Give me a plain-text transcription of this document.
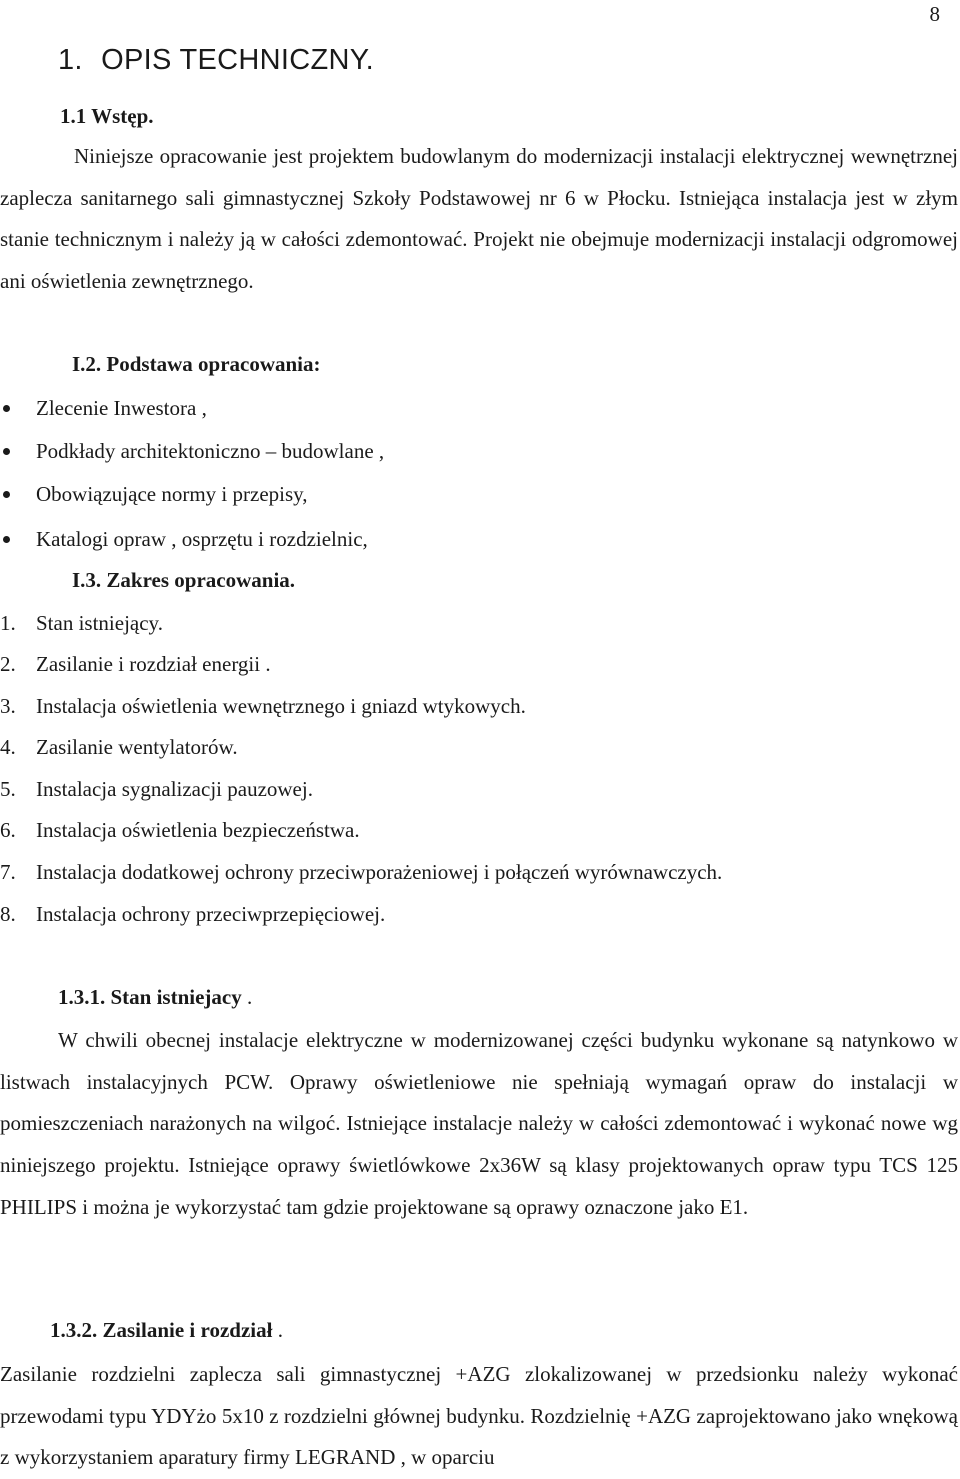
8
1. OPIS TECHNICZNY.
1.1 Wstęp.
Niniejsze opracowanie jest projektem budowlanym do modernizacji instalacji elektrycznej wewnętrznej zaplecza sanitarnego sali gimnastycznej Szkoły Podstawowej nr 6 w Płocku. Istniejąca instalacja jest w złym stanie technicznym i należy ją w całości zdemontować. Projekt nie obejmuje modernizacji instalacji odgromowej ani oświetlenia zewnętrznego.
I.2. Podstawa opracowania:
Zlecenie Inwestora ,
Podkłady architektoniczno – budowlane ,
Obowiązujące normy i przepisy,
Katalogi opraw , osprzętu i rozdzielnic,
I.3. Zakres opracowania.
1. Stan istniejący.
2. Zasilanie i rozdział energii .
3. Instalacja oświetlenia wewnętrznego i gniazd wtykowych.
4. Zasilanie wentylatorów.
5. Instalacja sygnalizacji pauzowej.
6. Instalacja oświetlenia bezpieczeństwa.
7. Instalacja dodatkowej ochrony przeciwporażeniowej i połączeń wyrównawczych.
8. Instalacja ochrony przeciwprzepięciowej.
1.3.1. Stan istniejacy .
W chwili obecnej instalacje elektryczne w modernizowanej części budynku wykonane są natynkowo w listwach instalacyjnych PCW. Oprawy oświetleniowe nie spełniają wymagań opraw do instalacji w pomieszczeniach narażonych na wilgoć. Istniejące instalacje należy w całości zdemontować i wykonać nowe wg niniejszego projektu. Istniejące oprawy świetlówkowe 2x36W są klasy projektowanych opraw typu TCS 125 PHILIPS i można je wykorzystać tam gdzie projektowane są oprawy oznaczone jako E1.
1.3.2. Zasilanie i rozdział .
Zasilanie rozdzielni zaplecza sali gimnastycznej +AZG zlokalizowanej w przedsionku należy wykonać przewodami typu YDYżo 5x10 z rozdzielni głównej budynku. Rozdzielnię +AZG zaprojektowano jako wnękową z wykorzystaniem aparatury firmy LEGRAND , w oparciu
